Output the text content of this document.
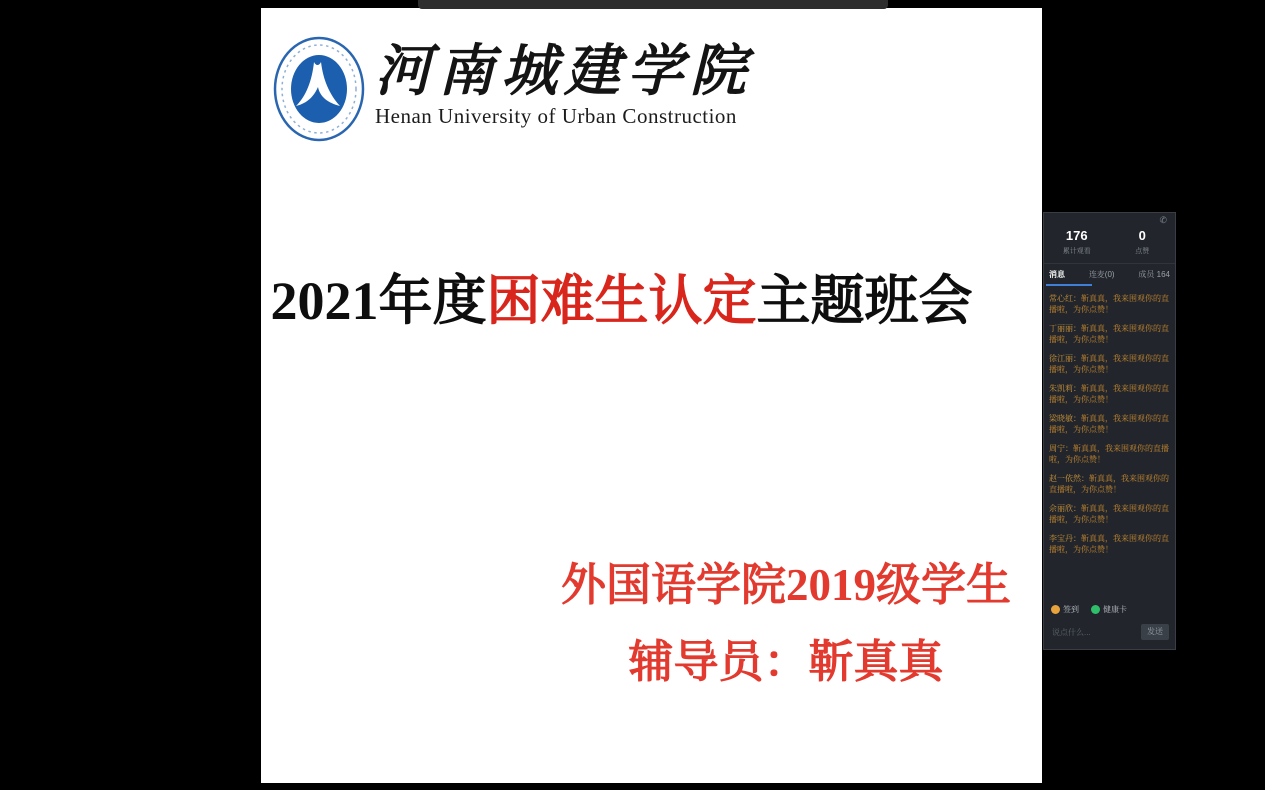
河南城建学院
Henan University of Urban Construction
2021年度困难生认定主题班会
外国语学院2019级学生
辅导员：靳真真
✆
176
累计观看
0
点赞
消息	连麦(0)	成员 164
常心红：靳真真，我来围观你的直播啦，为你点赞！
丁丽丽：靳真真，我来围观你的直播啦，为你点赞！
徐江丽：靳真真，我来围观你的直播啦，为你点赞！
朱凯莉：靳真真，我来围观你的直播啦，为你点赞！
梁晓敏：靳真真，我来围观你的直播啦，为你点赞！
周宁：靳真真，我来围观你的直播啦，为你点赞！
赵一依然：靳真真，我来围观你的直播啦，为你点赞！
佘丽欣：靳真真，我来围观你的直播啦，为你点赞！
李宝丹：靳真真，我来围观你的直播啦，为你点赞！
签到	健康卡
说点什么...
发送
